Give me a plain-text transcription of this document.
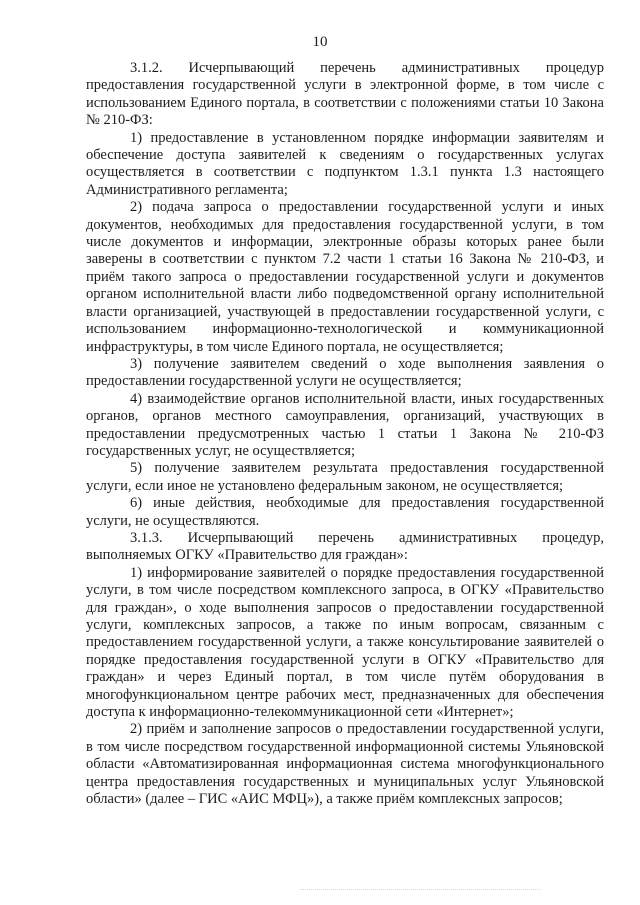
10

3.1.2. Исчерпывающий перечень административных процедур предоставления государственной услуги в электронной форме, в том числе с использованием Единого портала, в соответствии с положениями статьи 10 Закона № 210-ФЗ:

1) предоставление в установленном порядке информации заявителям и обеспечение доступа заявителей к сведениям о государственных услугах осуществляется в соответствии с подпунктом 1.3.1 пункта 1.3 настоящего Административного регламента;

2) подача запроса о предоставлении государственной услуги и иных документов, необходимых для предоставления государственной услуги, в том числе документов и информации, электронные образы которых ранее были заверены в соответствии с пунктом 7.2 части 1 статьи 16 Закона № 210-ФЗ, и приём такого запроса о предоставлении государственной услуги и документов органом исполнительной власти либо подведомственной органу исполнительной власти организацией, участвующей в предоставлении государственной услуги, с использованием информационно-технологической и коммуникационной инфраструктуры, в том числе Единого портала, не осуществляется;

3) получение заявителем сведений о ходе выполнения заявления о предоставлении государственной услуги не осуществляется;

4) взаимодействие органов исполнительной власти, иных государственных органов, органов местного самоуправления, организаций, участвующих в предоставлении предусмотренных частью 1 статьи 1 Закона № 210-ФЗ государственных услуг, не осуществляется;

5) получение заявителем результата предоставления государственной услуги, если иное не установлено федеральным законом, не осуществляется;

6) иные действия, необходимые для предоставления государственной услуги, не осуществляются.

3.1.3. Исчерпывающий перечень административных процедур, выполняемых ОГКУ «Правительство для граждан»:

1) информирование заявителей о порядке предоставления государственной услуги, в том числе посредством комплексного запроса, в ОГКУ «Правительство для граждан», о ходе выполнения запросов о предоставлении государственной услуги, комплексных запросов, а также по иным вопросам, связанным с предоставлением государственной услуги, а также консультирование заявителей о порядке предоставления государственной услуги в ОГКУ «Правительство для граждан» и через Единый портал, в том числе путём оборудования в многофункциональном центре рабочих мест, предназначенных для обеспечения доступа к информационно-телекоммуникационной сети «Интернет»;

2) приём и заполнение запросов о предоставлении государственной услуги, в том числе посредством государственной информационной системы Ульяновской области «Автоматизированная информационная система многофункционального центра предоставления государственных и муниципальных услуг Ульяновской области» (далее – ГИС «АИС МФЦ»), а также приём комплексных запросов;
